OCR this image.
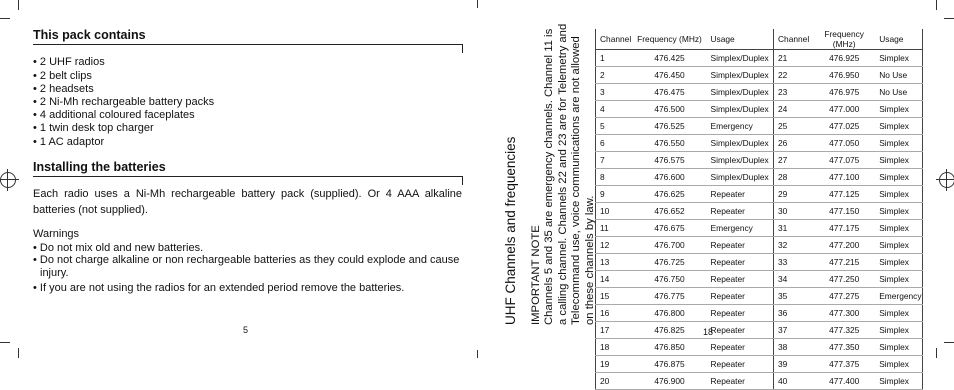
This pack contains
• 2 UHF radios
• 2 belt clips
• 2 headsets
• 2 Ni-Mh rechargeable battery packs
• 4 additional coloured faceplates
• 1 twin desk top charger
• 1 AC adaptor
Installing the batteries
Each radio uses a Ni-Mh rechargeable battery pack (supplied). Or 4 AAA alkaline batteries (not supplied).
Warnings
• Do not mix old and new batteries.
• Do not charge alkaline or non rechargeable batteries as they could explode and cause injury.
• If you are not using the radios for an extended period remove the batteries.
5
UHF Channels and frequencies IMPORTANT NOTE Channels 5 and 35 are emergency channels. Channel 11 is a calling channel. Channels 22 and 23 are for Telemetry and Telecommand use, voice communications are not allowed on these channels by law.
Channel	Frequency (MHz)	Usage	Channel	Frequency (MHz)	Usage
1	476.425	Simplex/Duplex	21	476.925	Simplex
2	476.450	Simplex/Duplex	22	476.950	No Use
3	476.475	Simplex/Duplex	23	476.975	No Use
4	476.500	Simplex/Duplex	24	477.000	Simplex
5	476.525	Emergency	25	477.025	Simplex
6	476.550	Simplex/Duplex	26	477.050	Simplex
7	476.575	Simplex/Duplex	27	477.075	Simplex
8	476.600	Simplex/Duplex	28	477.100	Simplex
9	476.625	Repeater	29	477.125	Simplex
10	476.652	Repeater	30	477.150	Simplex
11	476.675	Emergency	31	477.175	Simplex
12	476.700	Repeater	32	477.200	Simplex
13	476.725	Repeater	33	477.215	Simplex
14	476.750	Repeater	34	477.250	Simplex
15	476.775	Repeater	35	477.275	Emergency
16	476.800	Repeater	36	477.300	Simplex
17	476.825	Repeater	37	477.325	Simplex
18	476.850	Repeater	38	477.350	Simplex
19	476.875	Repeater	39	477.375	Simplex
20	476.900	Repeater	40	477.400	Simplex
18
